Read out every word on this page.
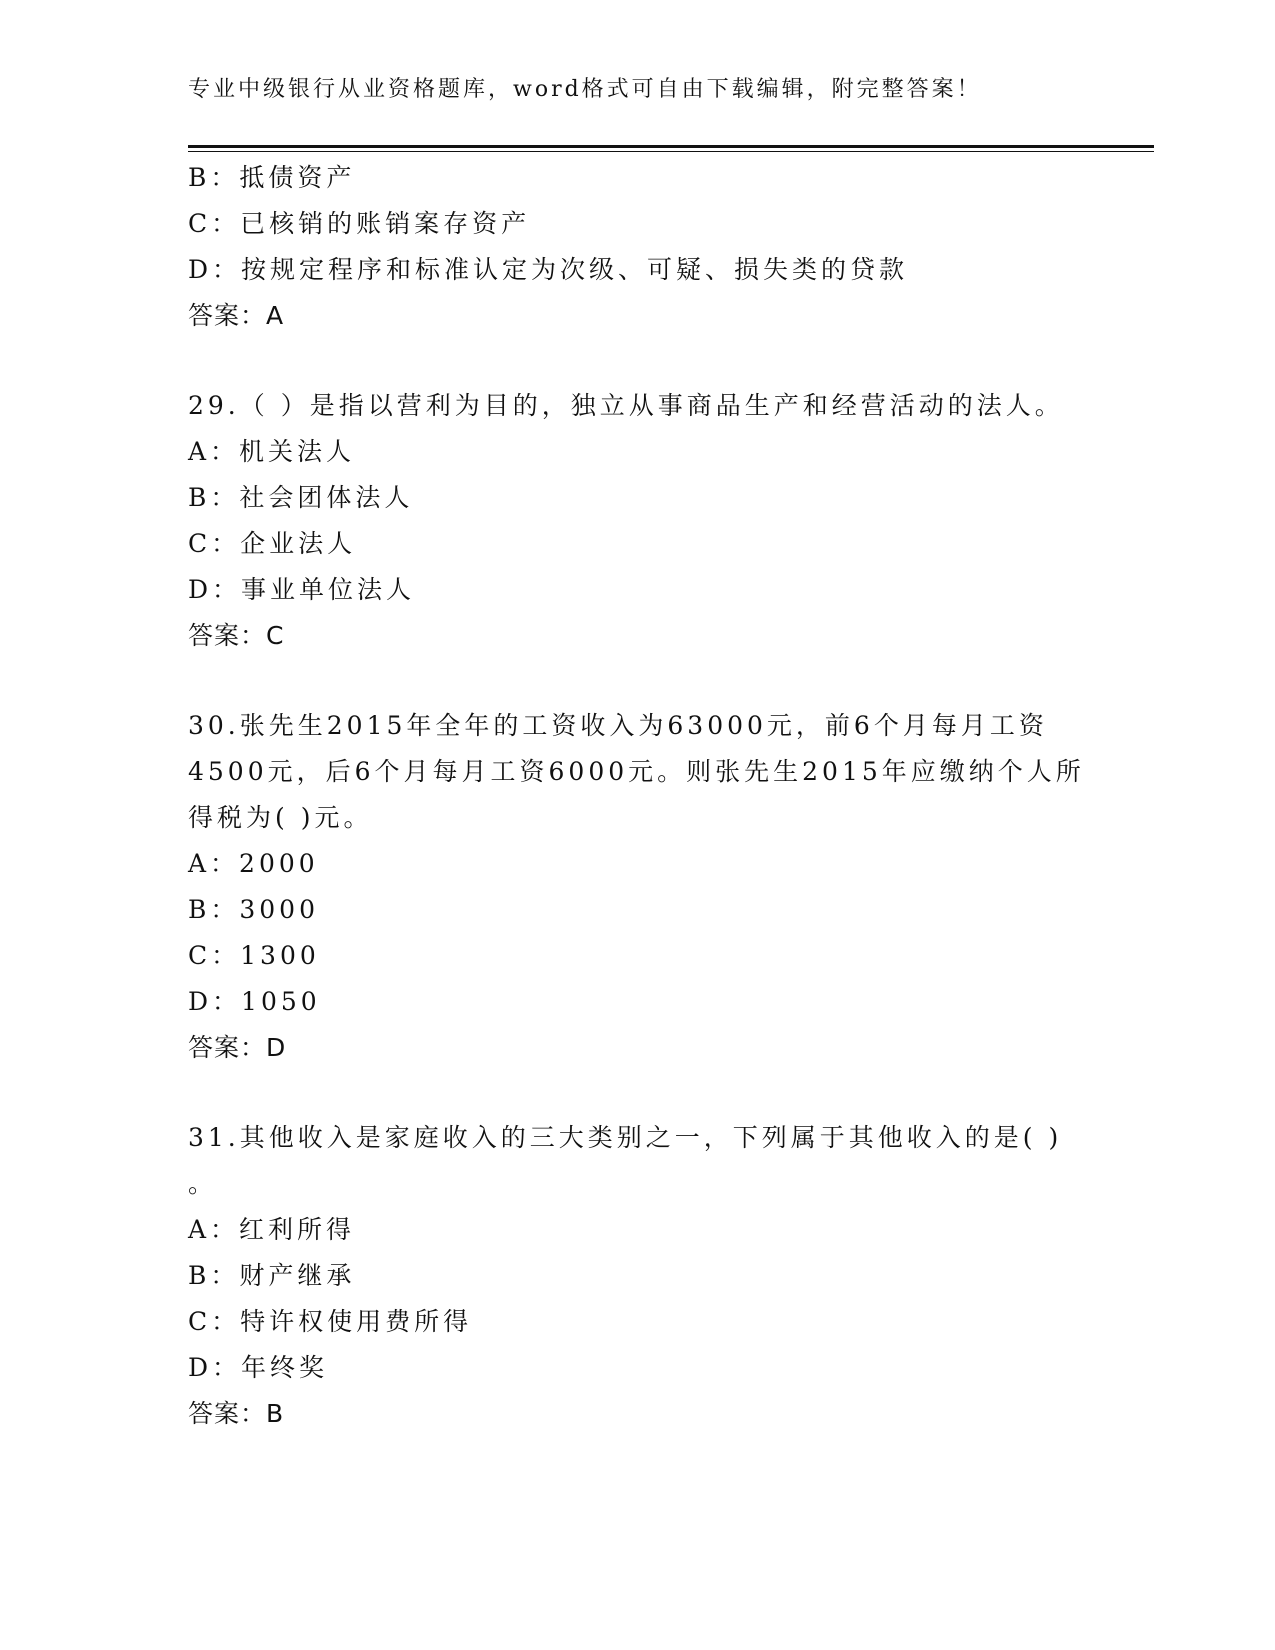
专业中级银行从业资格题库，word格式可自由下载编辑，附完整答案！
B：抵债资产
C：已核销的账销案存资产
D：按规定程序和标准认定为次级、可疑、损失类的贷款
答案：A
29.（ ）是指以营利为目的，独立从事商品生产和经营活动的法人。
A：机关法人
B：社会团体法人
C：企业法人
D：事业单位法人
答案：C
30.张先生2015年全年的工资收入为63000元，前6个月每月工资
4500元，后6个月每月工资6000元。则张先生2015年应缴纳个人所
得税为( )元。
A：2000
B：3000
C：1300
D：1050
答案：D
31.其他收入是家庭收入的三大类别之一，下列属于其他收入的是( )
。
A：红利所得
B：财产继承
C：特许权使用费所得
D：年终奖
答案：B
